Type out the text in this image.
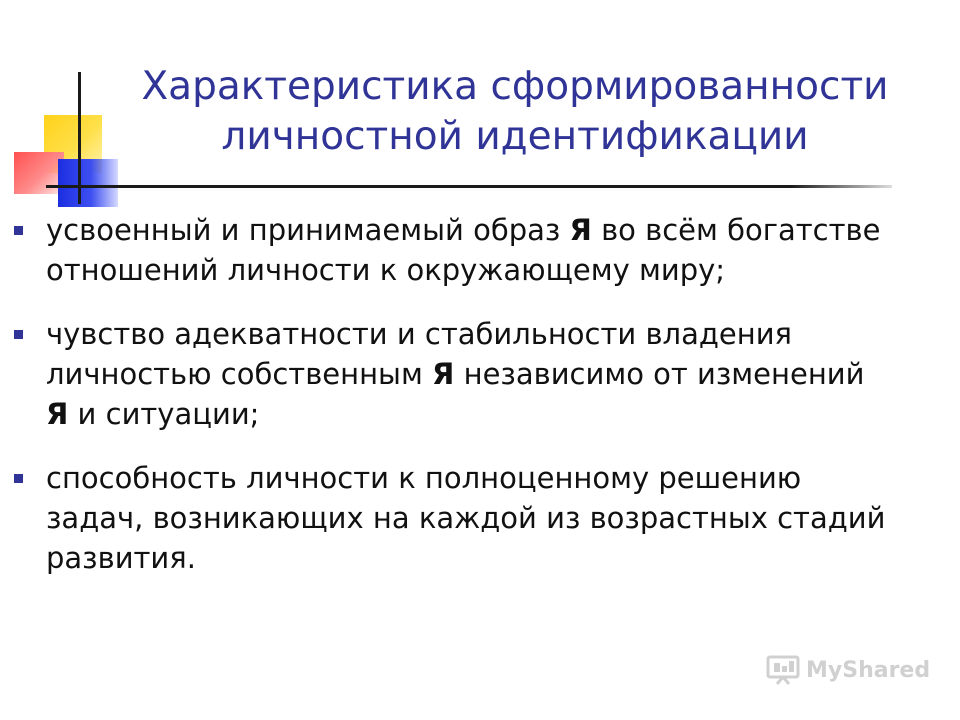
Характеристика сформированности
личностной идентификации
усвоенный и принимаемый образ Я во всём богатстве отношений личности к окружающему миру;
чувство адекватности и стабильности владения личностью собственным Я независимо от изменений Я и ситуации;
способность личности к полноценному решению задач, возникающих на каждой из возрастных стадий развития.
MyShared
